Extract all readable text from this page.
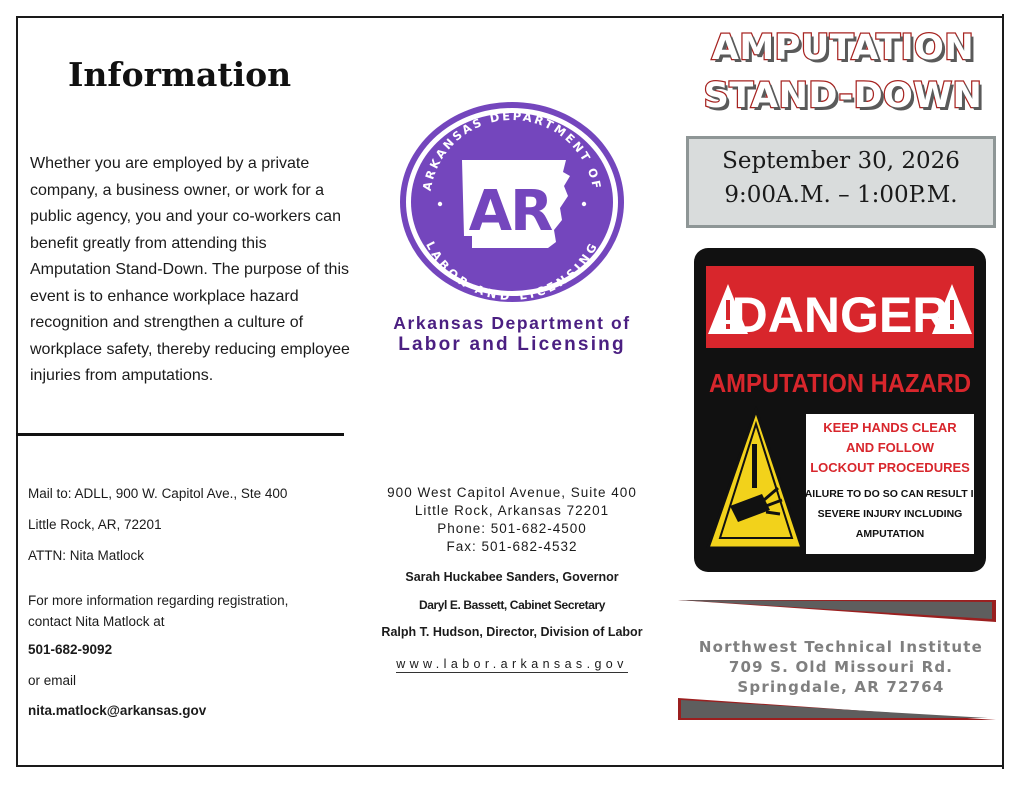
Information
Whether you are employed by a private company, a business owner, or work for a public agency, you and your co-workers can benefit greatly from attending this Amputation Stand-Down. The purpose of this event is to enhance workplace hazard recognition and strengthen a culture of workplace safety, thereby reducing employee injuries from amputations.

Mail to: ADLL, 900 W. Capitol Ave., Ste 400

Little Rock, AR, 72201

ATTN: Nita Matlock

For more information regarding registration, contact Nita Matlock at

501-682-9092

or email

nita.matlock@arkansas.gov

ARKANSAS DEPARTMENT OF
LABOR AND LICENSING
AR
Arkansas Department of
Labor and Licensing
900 West Capitol Avenue, Suite 400
Little Rock, Arkansas 72201
Phone: 501-682-4500
Fax: 501-682-4532
Sarah Huckabee Sanders, Governor
Daryl E. Bassett, Cabinet Secretary
Ralph T. Hudson, Director, Division of Labor
www.labor.arkansas.gov
AMPUTATION
STAND-DOWN
September 30, 2026
9:00A.M. – 1:00P.M.
DANGER
AMPUTATION HAZARD
KEEP HANDS CLEAR
AND FOLLOW
LOCKOUT PROCEDURES
FAILURE TO DO SO CAN RESULT IN
SEVERE INJURY INCLUDING
AMPUTATION
Northwest Technical Institute
709 S. Old Missouri Rd.
Springdale, AR 72764
